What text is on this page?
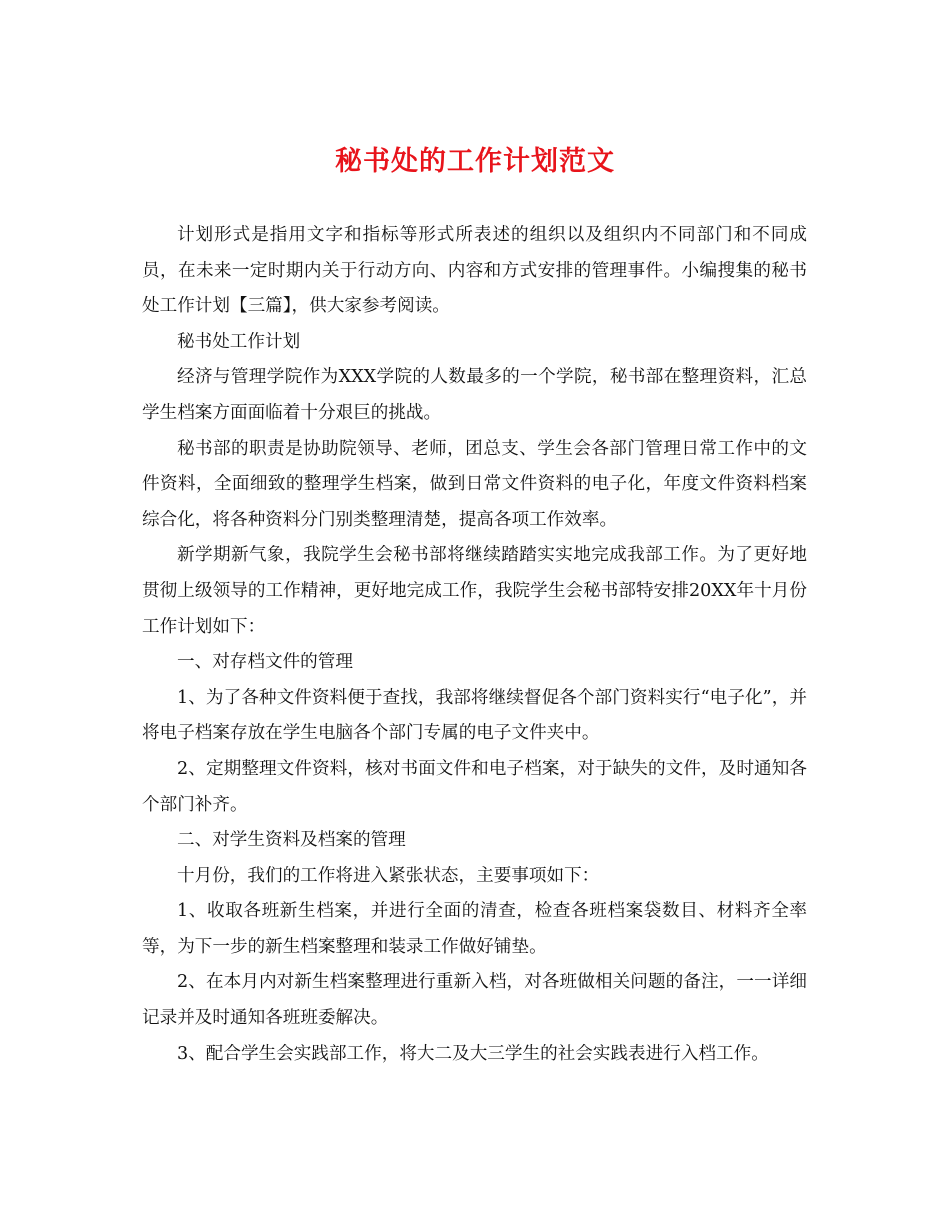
秘书处的工作计划范文

计划形式是指用文字和指标等形式所表述的组织以及组织内不同部门和不同成员，在未来一定时期内关于行动方向、内容和方式安排的管理事件。小编搜集的秘书处工作计划【三篇】，供大家参考阅读。

秘书处工作计划

经济与管理学院作为XXX学院的人数最多的一个学院，秘书部在整理资料，汇总学生档案方面面临着十分艰巨的挑战。

秘书部的职责是协助院领导、老师，团总支、学生会各部门管理日常工作中的文件资料，全面细致的整理学生档案，做到日常文件资料的电子化，年度文件资料档案综合化，将各种资料分门别类整理清楚，提高各项工作效率。

新学期新气象，我院学生会秘书部将继续踏踏实实地完成我部工作。为了更好地贯彻上级领导的工作精神，更好地完成工作，我院学生会秘书部特安排20XX年十月份工作计划如下：

一、对存档文件的管理

1、为了各种文件资料便于查找，我部将继续督促各个部门资料实行“电子化”，并将电子档案存放在学生电脑各个部门专属的电子文件夹中。

2、定期整理文件资料，核对书面文件和电子档案，对于缺失的文件，及时通知各个部门补齐。

二、对学生资料及档案的管理

十月份，我们的工作将进入紧张状态，主要事项如下：

1、收取各班新生档案，并进行全面的清查，检查各班档案袋数目、材料齐全率等，为下一步的新生档案整理和装录工作做好铺垫。

2、在本月内对新生档案整理进行重新入档，对各班做相关问题的备注，一一详细记录并及时通知各班班委解决。

3、配合学生会实践部工作，将大二及大三学生的社会实践表进行入档工作。
